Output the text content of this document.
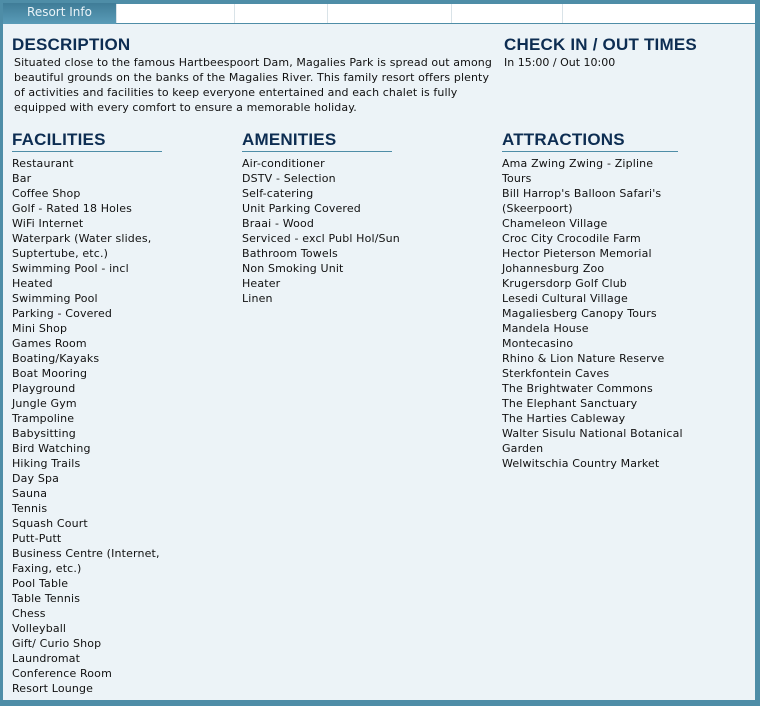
Resort Info
DESCRIPTION

Situated close to the famous Hartbeespoort Dam, Magalies Park is spread out among beautiful grounds on the banks of the Magalies River. This family resort offers plenty of activities and facilities to keep everyone entertained and each chalet is fully equipped with every comfort to ensure a memorable holiday.

CHECK IN / OUT TIMES

In 15:00 / Out 10:00

FACILITIES
Restaurant
Bar
Coffee Shop
Golf - Rated 18 Holes
WiFi Internet
Waterpark (Water slides, Suptertube, etc.)
Swimming Pool - incl Heated
Swimming Pool
Parking - Covered
Mini Shop
Games Room
Boating/Kayaks
Boat Mooring
Playground
Jungle Gym
Trampoline
Babysitting
Bird Watching
Hiking Trails
Day Spa
Sauna
Tennis
Squash Court
Putt-Putt
Business Centre (Internet, Faxing, etc.)
Pool Table
Table Tennis
Chess
Volleyball
Gift/ Curio Shop
Laundromat
Conference Room
Resort Lounge
AMENITIES
Air-conditioner
DSTV - Selection
Self-catering
Unit Parking Covered
Braai - Wood
Serviced - excl Publ Hol/Sun
Bathroom Towels
Non Smoking Unit
Heater
Linen
ATTRACTIONS
Ama Zwing Zwing - Zipline Tours
Bill Harrop's Balloon Safari's (Skeerpoort)
Chameleon Village
Croc City Crocodile Farm
Hector Pieterson Memorial
Johannesburg Zoo
Krugersdorp Golf Club
Lesedi Cultural Village
Magaliesberg Canopy Tours
Mandela House
Montecasino
Rhino & Lion Nature Reserve
Sterkfontein Caves
The Brightwater Commons
The Elephant Sanctuary
The Harties Cableway
Walter Sisulu National Botanical Garden
Welwitschia Country Market
